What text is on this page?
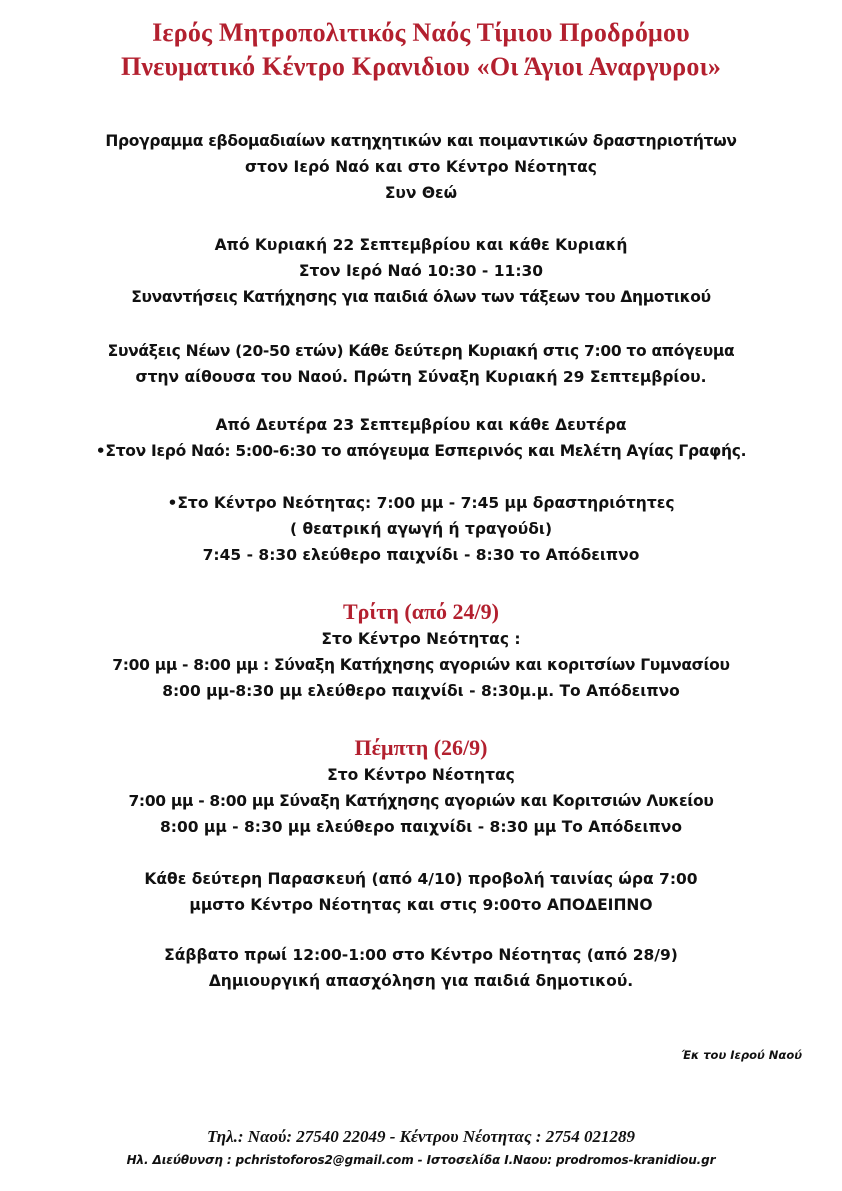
Ιερός Μητροπολιτικός Ναός Τίμιου Προδρόμου
Πνευματικό Κέντρο Κρανιδιου «Οι Άγιοι Αναργυροι»
Προγραμμα εβδομαδιαίων κατηχητικών και ποιμαντικών δραστηριοτήτων
στον Ιερό Ναό και στο Κέντρο Νέοτητας
Συν Θεώ
Από Κυριακή 22 Σεπτεμβρίου και κάθε Κυριακή
Στον Ιερό Ναό 10:30 - 11:30
Συναντήσεις Κατήχησης για παιδιά όλων των τάξεων του Δημοτικού
Συνάξεις Νέων (20-50 ετών) Κάθε δεύτερη Κυριακή στις 7:00 το απόγευμα
στην αίθουσα του Ναού. Πρώτη Σύναξη Κυριακή 29 Σεπτεμβρίου.
Από Δευτέρα 23 Σεπτεμβρίου και κάθε Δευτέρα
•Στον Ιερό Ναό: 5:00-6:30 το απόγευμα Εσπερινός και Μελέτη Αγίας Γραφής.
•Στο Κέντρο Νεότητας: 7:00 μμ - 7:45 μμ δραστηριότητες
( θεατρική αγωγή ή τραγούδι)
7:45 - 8:30 ελεύθερο παιχνίδι - 8:30 το Απόδειπνο
Τρίτη (από 24/9)
Στο Κέντρο Νεότητας :
7:00 μμ - 8:00 μμ : Σύναξη Κατήχησης αγοριών και κοριτσίων Γυμνασίου
8:00 μμ-8:30 μμ ελεύθερο παιχνίδι - 8:30μ.μ. Το Απόδειπνο
Πέμπτη (26/9)
Στο Κέντρο Νέοτητας
7:00 μμ - 8:00 μμ Σύναξη Κατήχησης αγοριών και Κοριτσιών Λυκείου
8:00 μμ - 8:30 μμ ελεύθερο παιχνίδι - 8:30 μμ Το Απόδειπνο
Κάθε δεύτερη Παρασκευή (από 4/10) προβολή ταινίας ώρα 7:00
μμστο Κέντρο Νέοτητας και στις 9:00το ΑΠΟΔΕΙΠΝΟ
Σάββατο πρωί 12:00-1:00 στο Κέντρο Νέοτητας (από 28/9)
Δημιουργική απασχόληση για παιδιά δημοτικού.
Έκ του Ιερού Ναού
Τηλ.: Ναού: 27540 22049 - Κέντρου Νέοτητας : 2754 021289
Ηλ. Διεύθυνση : pchristoforos2@gmail.com - Ιστοσελίδα Ι.Ναου: prodromos-kranidiou.gr
